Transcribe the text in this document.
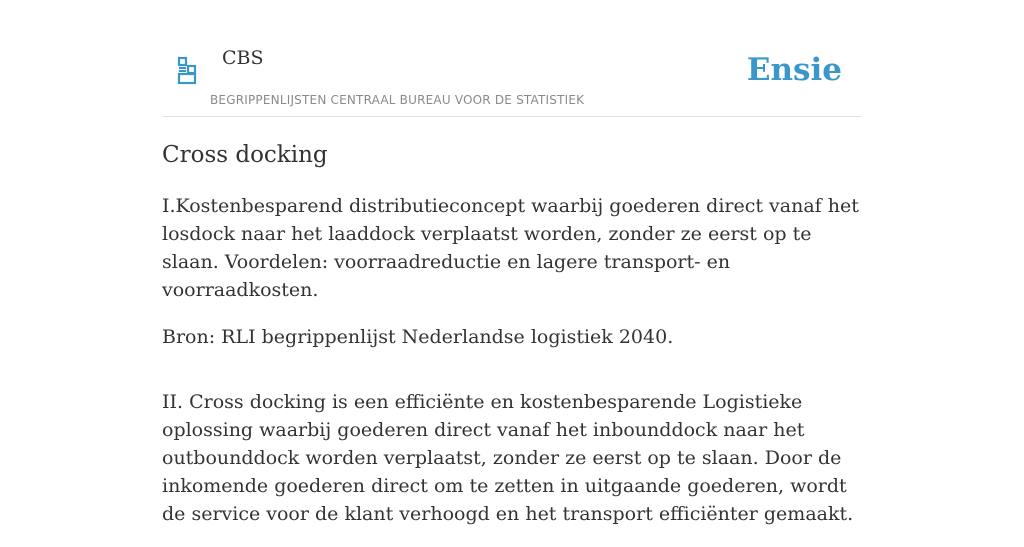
CBS
BEGRIPPENLIJSTEN CENTRAAL BUREAU VOOR DE STATISTIEK
Ensie
Cross docking

I.Kostenbesparend distributieconcept waarbij goederen direct vanaf het losdock naar het laaddock verplaatst worden, zonder ze eerst op te slaan. Voordelen: voorraadreductie en lagere transport- en voorraadkosten.

Bron: RLI begrippenlijst Nederlandse logistiek 2040.

II. Cross docking is een efficiënte en kostenbesparende Logistieke oplossing waarbij goederen direct vanaf het inbounddock naar het outbounddock worden verplaatst, zonder ze eerst op te slaan. Door de inkomende goederen direct om te zetten in uitgaande goederen, wordt de service voor de klant verhoogd en het transport efficiënter gemaakt.
